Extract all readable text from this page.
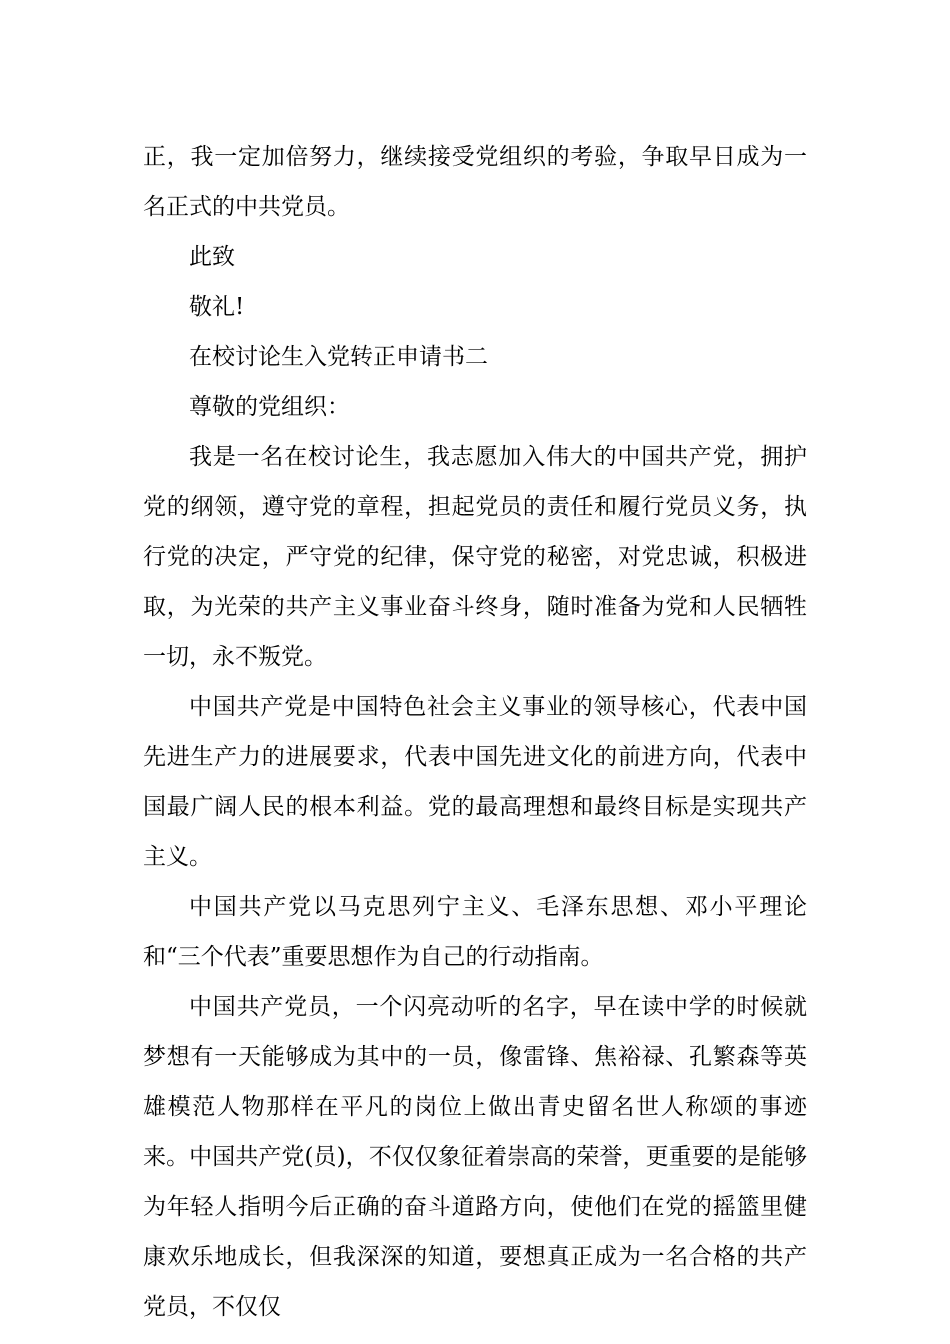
正，我一定加倍努力，继续接受党组织的考验，争取早日成为一名正式的中共党员。

此致

敬礼!

在校讨论生入党转正申请书二

尊敬的党组织：

我是一名在校讨论生，我志愿加入伟大的中国共产党，拥护党的纲领，遵守党的章程，担起党员的责任和履行党员义务，执行党的决定，严守党的纪律，保守党的秘密，对党忠诚，积极进取，为光荣的共产主义事业奋斗终身，随时准备为党和人民牺牲一切，永不叛党。

中国共产党是中国特色社会主义事业的领导核心，代表中国先进生产力的进展要求，代表中国先进文化的前进方向，代表中国最广阔人民的根本利益。党的最高理想和最终目标是实现共产主义。

中国共产党以马克思列宁主义、毛泽东思想、邓小平理论和“三个代表”重要思想作为自己的行动指南。

中国共产党员，一个闪亮动听的名字，早在读中学的时候就梦想有一天能够成为其中的一员，像雷锋、焦裕禄、孔繁森等英雄模范人物那样在平凡的岗位上做出青史留名世人称颂的事迹来。中国共产党(员)，不仅仅象征着崇高的荣誉，更重要的是能够为年轻人指明今后正确的奋斗道路方向，使他们在党的摇篮里健康欢乐地成长，但我深深的知道，要想真正成为一名合格的共产党员，不仅仅
